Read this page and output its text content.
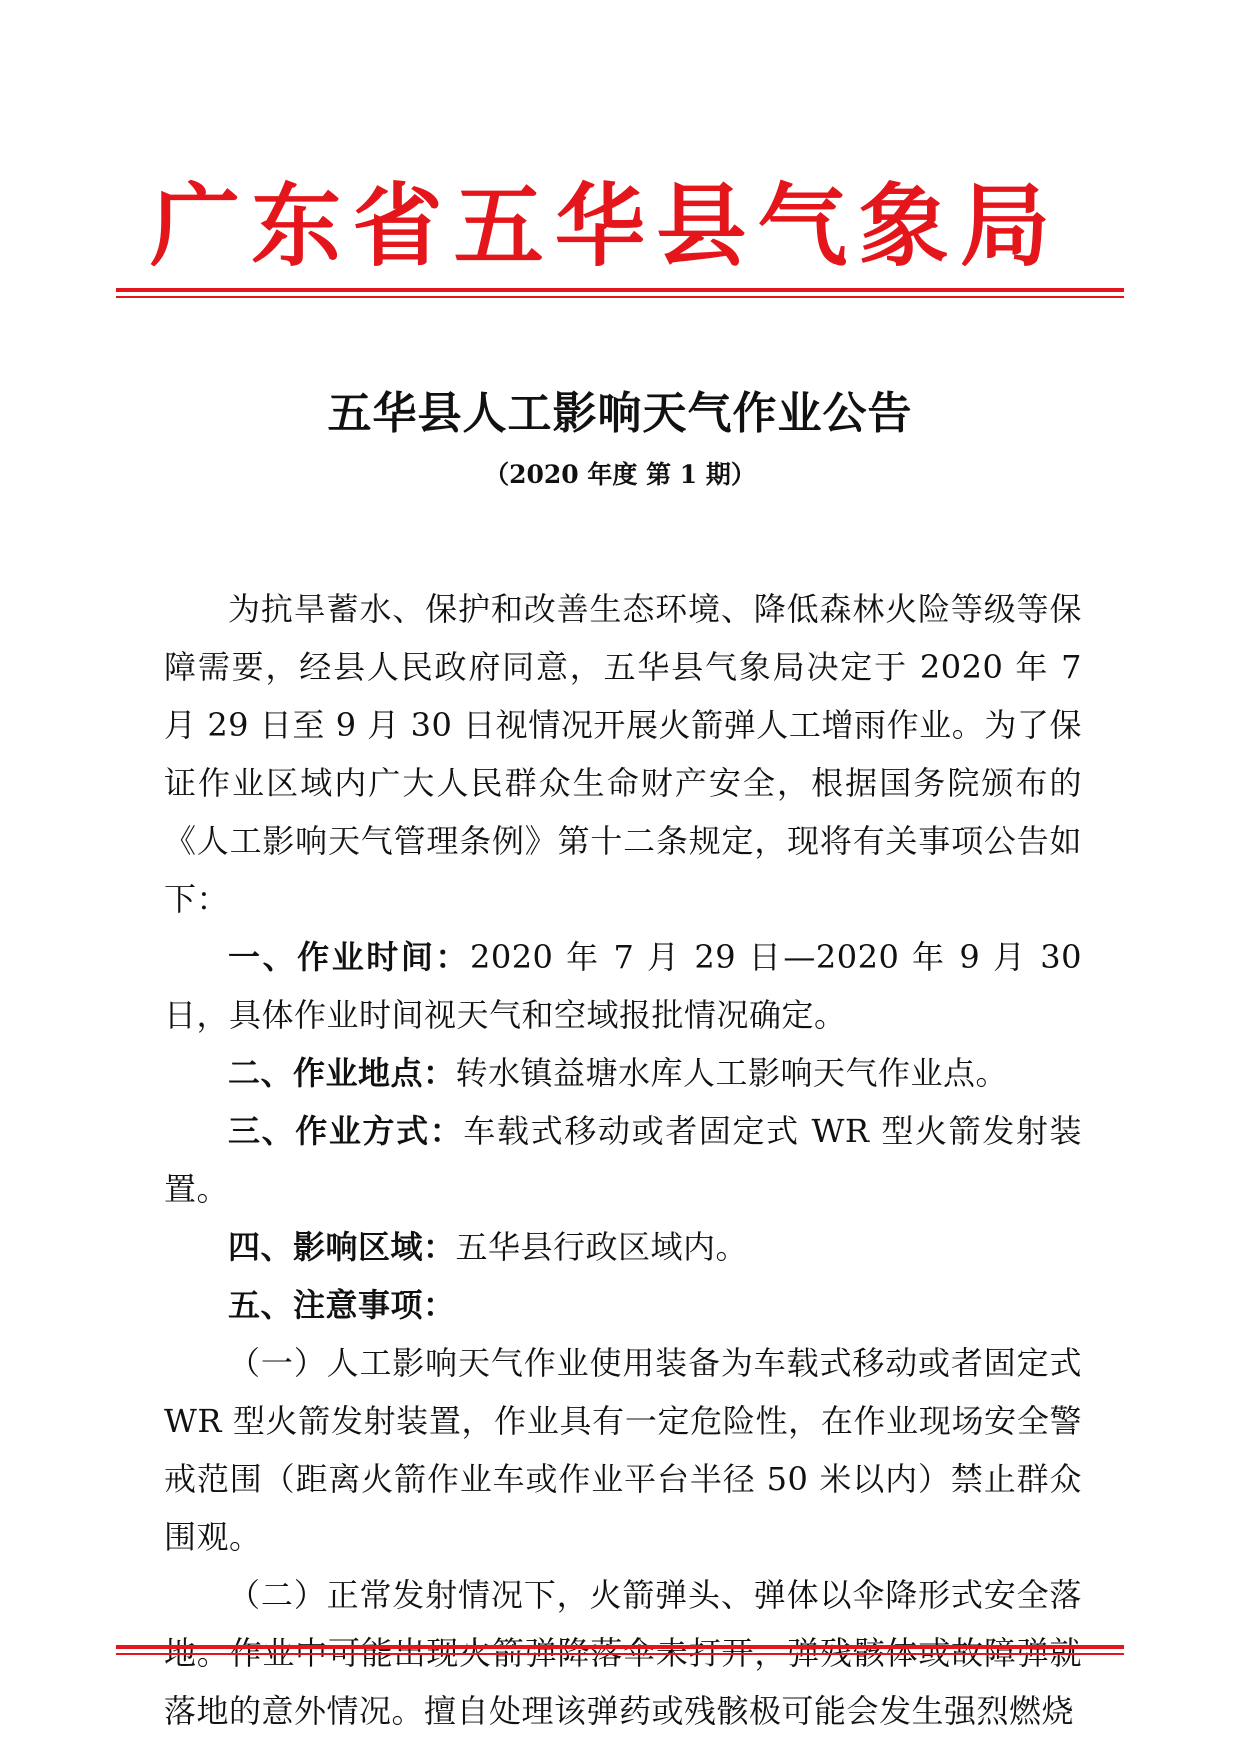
广 东 省 五 华 县 气 象 局
五华县人工影响天气作业公告
（2020 年度 第 1 期）

为抗旱蓄水、保护和改善生态环境、降低森林火险等级等保障需要，经县人民政府同意，五华县气象局决定于 2020 年 7 月 29 日至 9 月 30 日视情况开展火箭弹人工增雨作业。为了保证作业区域内广大人民群众生命财产安全，根据国务院颁布的《人工影响天气管理条例》第十二条规定，现将有关事项公告如下：

一、作业时间：2020 年 7 月 29 日—2020 年 9 月 30 日，具体作业时间视天气和空域报批情况确定。

二、作业地点：转水镇益塘水库人工影响天气作业点。

三、作业方式：车载式移动或者固定式 WR 型火箭发射装置。

四、影响区域：五华县行政区域内。

五、注意事项：

（一）人工影响天气作业使用装备为车载式移动或者固定式 WR 型火箭发射装置，作业具有一定危险性，在作业现场安全警戒范围（距离火箭作业车或作业平台半径 50 米以内）禁止群众围观。

（二）正常发射情况下，火箭弹头、弹体以伞降形式安全落 落地的意外情况。擅自处理该弹药或残骸极可能会发生强烈燃烧
